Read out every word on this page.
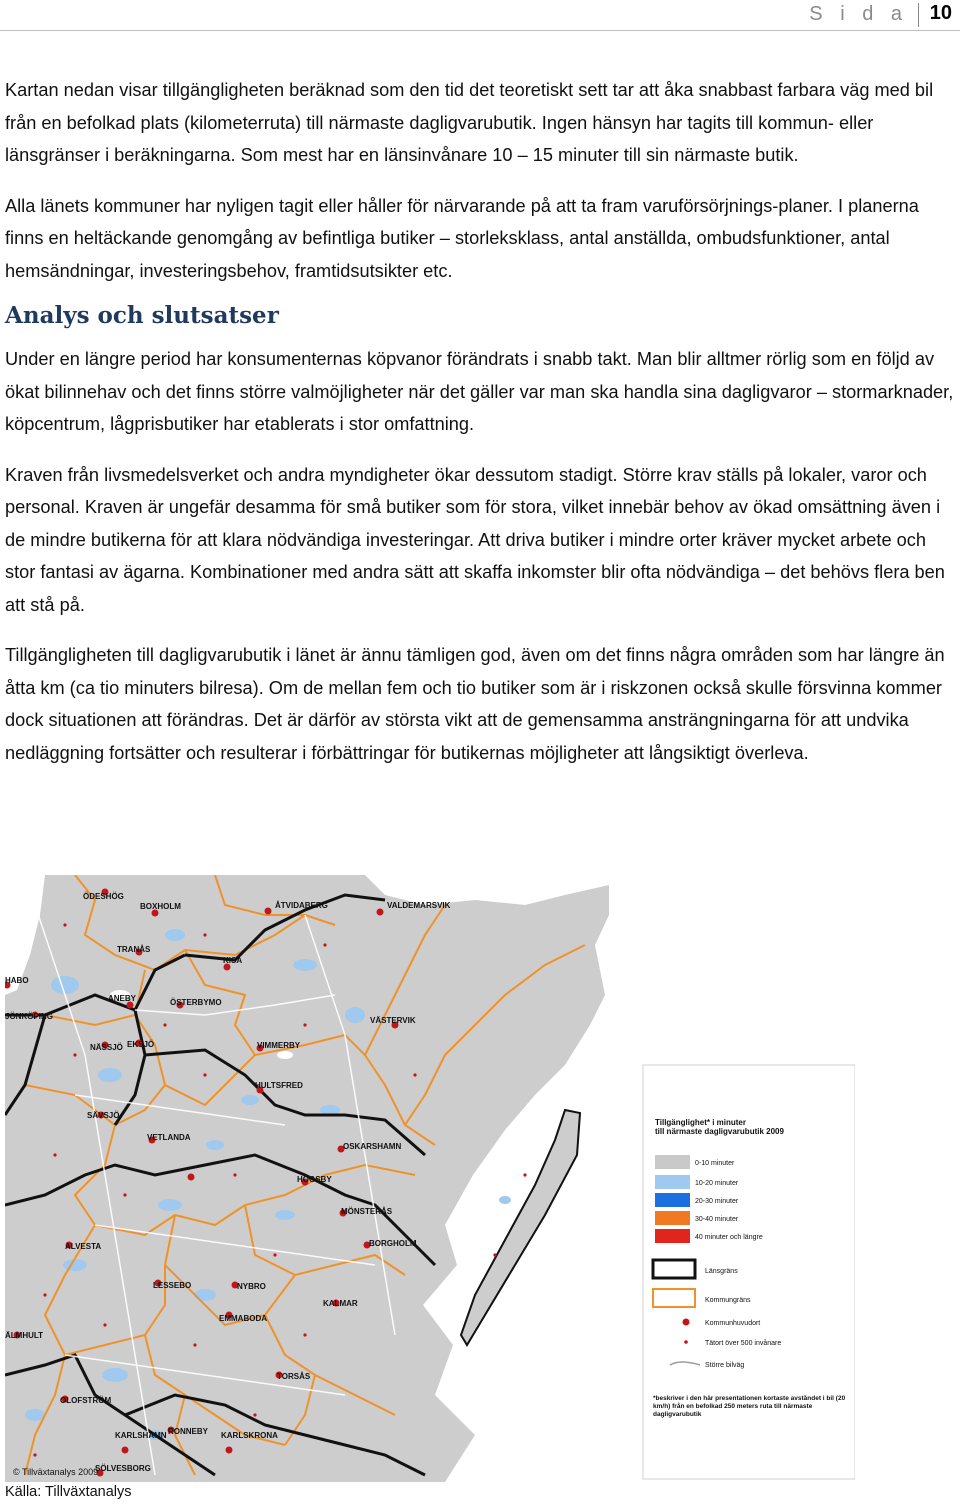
S i d a 10

Kartan nedan visar tillgängligheten beräknad som den tid det teoretiskt sett tar att åka snabbast farbara väg med bil från en befolkad plats (kilometerruta) till närmaste dagligvarubutik. Ingen hänsyn har tagits till kommun- eller länsgränser i beräkningarna. Som mest har en länsinvånare 10 – 15 minuter till sin närmaste butik.

Alla länets kommuner har nyligen tagit eller håller för närvarande på att ta fram varuförsörjnings-planer. I planerna finns en heltäckande genomgång av befintliga butiker – storleksklass, antal anställda, ombudsfunktioner, antal hemsändningar, investeringsbehov, framtidsutsikter etc.

Analys och slutsatser

Under en längre period har konsumenternas köpvanor förändrats i snabb takt. Man blir alltmer rörlig som en följd av ökat bilinnehav och det finns större valmöjligheter när det gäller var man ska handla sina dagligvaror – stormarknader, köpcentrum, lågprisbutiker har etablerats i stor omfattning.

Kraven från livsmedelsverket och andra myndigheter ökar dessutom stadigt. Större krav ställs på lokaler, varor och personal. Kraven är ungefär desamma för små butiker som för stora, vilket innebär behov av ökad omsättning även i de mindre butikerna för att klara nödvändiga investeringar. Att driva butiker i mindre orter kräver mycket arbete och stor fantasi av ägarna. Kombinationer med andra sätt att skaffa inkomster blir ofta nödvändiga – det behövs flera ben att stå på.

Tillgängligheten till dagligvarubutik i länet är ännu tämligen god, även om det finns några områden som har längre än åtta km (ca tio minuters bilresa). Om de mellan fem och tio butiker som är i riskzonen också skulle försvinna kommer dock situationen att förändras. Det är därför av största vikt att de gemensamma ansträngningarna för att undvika nedläggning fortsätter och resulterar i förbättringar för butikernas möjligheter att långsiktigt överleva.

ÖDESHÖG
BOXHOLM	ÅTVIDABERG	VALDEMARSVIK
TRANÅS
KISA
HABO
ANEBY	ÖSTERBYMO
JÖNKÖPING	VÄSTERVIK
NÄSSJÖ EKSJÖ	VIMMERBY
HULTSFRED
SÄVSJÖ
VETLANDA
OSKARSHAMN
HÖGSBY
MÖNSTERÅS
ALVESTA	BORGHOLM
LESSEBO	NYBRO
KALMAR
EMMABODA
ÄLMHULT
TORSÅS
OLOFSTRÖM
RONNEBY
KARLSHAMN	KARLSKRONA
SÖLVESBORG
© Tillväxtanalys 2009
Tillgänglighet* i minuter
till närmaste dagligvarubutik 2009
0-10 minuter
10-20 minuter
20-30 minuter
30-40 minuter
40 minuter och längre
Länsgräns
Kommungräns
Kommunhuvudort
Tätort över 500 invånare
Större bilväg
*beskriver i den här presentationen kortaste avståndet i bil (20 km/h) från en befolkad 250 meters ruta till närmaste dagligvarubutik
Källa: Tillväxtanalys
